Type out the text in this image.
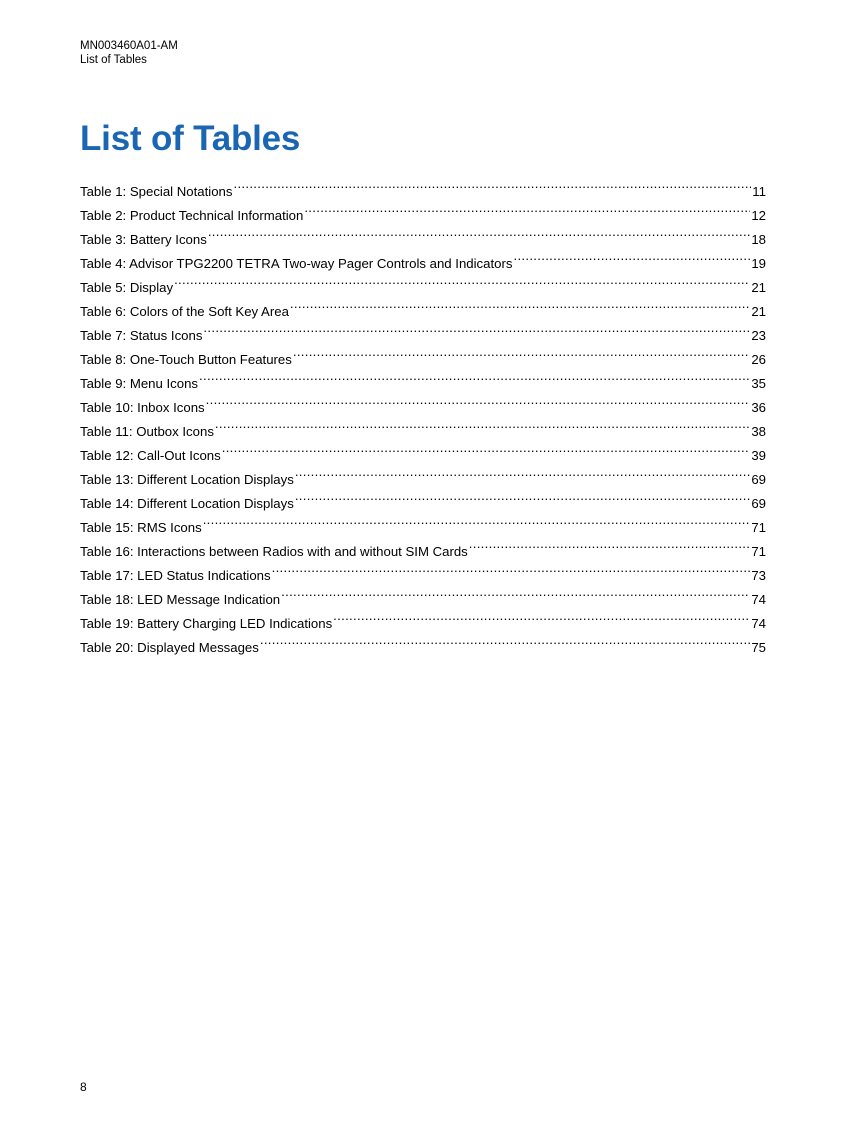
MN003460A01-AM
List of Tables
List of Tables
Table 1: Special Notations .....	11
Table 2: Product Technical Information .....	12
Table 3: Battery Icons .....	18
Table 4: Advisor TPG2200 TETRA Two-way Pager Controls and Indicators .....	19
Table 5: Display .....	21
Table 6: Colors of the Soft Key Area .....	21
Table 7: Status Icons .....	23
Table 8: One-Touch Button Features .....	26
Table 9: Menu Icons .....	35
Table 10: Inbox Icons .....	36
Table 11: Outbox Icons .....	38
Table 12: Call-Out Icons .....	39
Table 13: Different Location Displays .....	69
Table 14: Different Location Displays .....	69
Table 15: RMS Icons .....	71
Table 16: Interactions between Radios with and without SIM Cards .....	71
Table 17: LED Status Indications .....	73
Table 18: LED Message Indication .....	74
Table 19: Battery Charging LED Indications .....	74
Table 20: Displayed Messages .....	75
8
